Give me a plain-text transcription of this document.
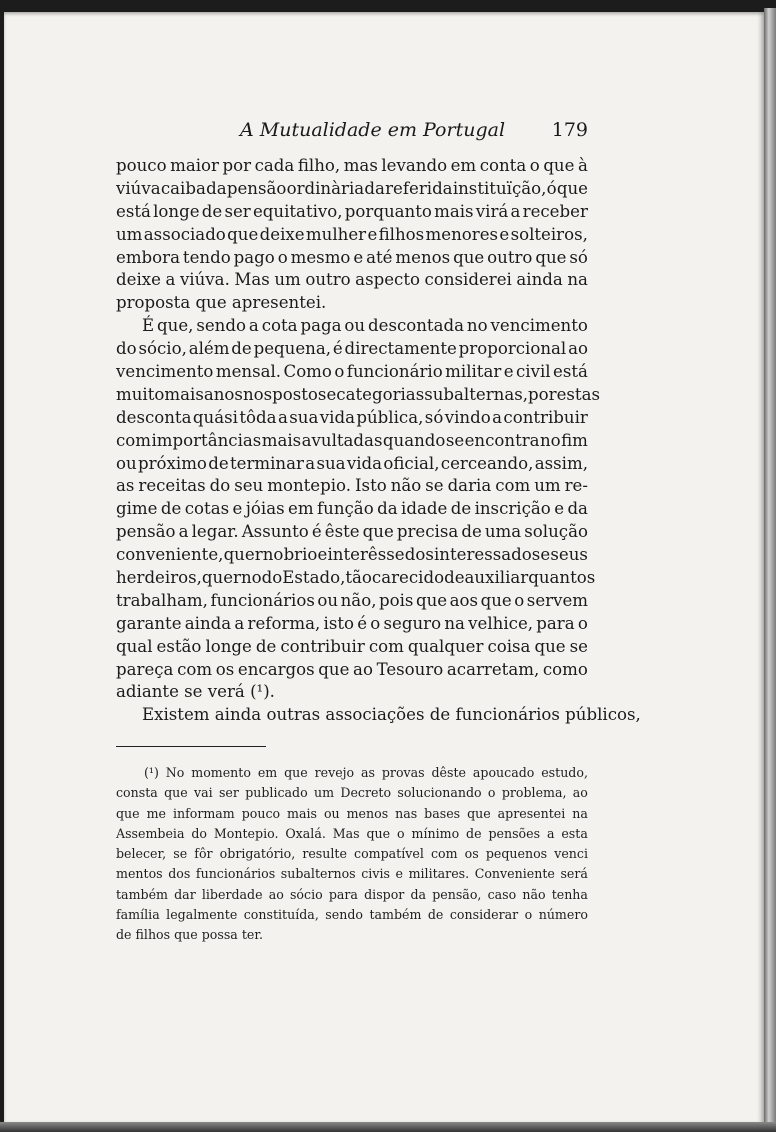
A Mutualidade em Portugal 179
pouco maior por cada filho, mas levando em conta o que à
viúva caiba da pensão ordinària da referida instituïção, ó que
está longe de ser equitativo, porquanto mais virá a receber
um associado que deixe mulher e filhos menores e solteiros,
embora tendo pago o mesmo e até menos que outro que só
deixe a viúva. Mas um outro aspecto considerei ainda na
proposta que apresentei.
É que, sendo a cota paga ou descontada no vencimento
do sócio, além de pequena, é directamente proporcional ao
vencimento mensal. Como o funcionário militar e civil está
muito mais anos nos postos e categorias subalternas, por estas
desconta quási tôda a sua vida pública, só vindo a contribuir
com importâncias mais avultadas quando se encontra no fim
ou próximo de terminar a sua vida oficial, cerceando, assim,
as receitas do seu montepio. Isto não se daria com um re-
gime de cotas e jóias em função da idade de inscrição e da
pensão a legar. Assunto é êste que precisa de uma solução
conveniente, quer no brio e interêsse dos interessados e seus
herdeiros, quer no do Estado, tão carecido de auxiliar quantos
trabalham, funcionários ou não, pois que aos que o servem
garante ainda a reforma, isto é o seguro na velhice, para o
qual estão longe de contribuir com qualquer coisa que se
pareça com os encargos que ao Tesouro acarretam, como
adiante se verá (¹).
Existem ainda outras associações de funcionários públicos,
(¹) No momento em que revejo as provas dêste apoucado estudo,
consta que vai ser publicado um Decreto solucionando o problema, ao
que me informam pouco mais ou menos nas bases que apresentei na
Assembeia do Montepio. Oxalá. Mas que o mínimo de pensões a esta
belecer, se fôr obrigatório, resulte compatível com os pequenos venci
mentos dos funcionários subalternos civis e militares. Conveniente será
também dar liberdade ao sócio para dispor da pensão, caso não tenha
família legalmente constituída, sendo também de considerar o número
de filhos que possa ter.
